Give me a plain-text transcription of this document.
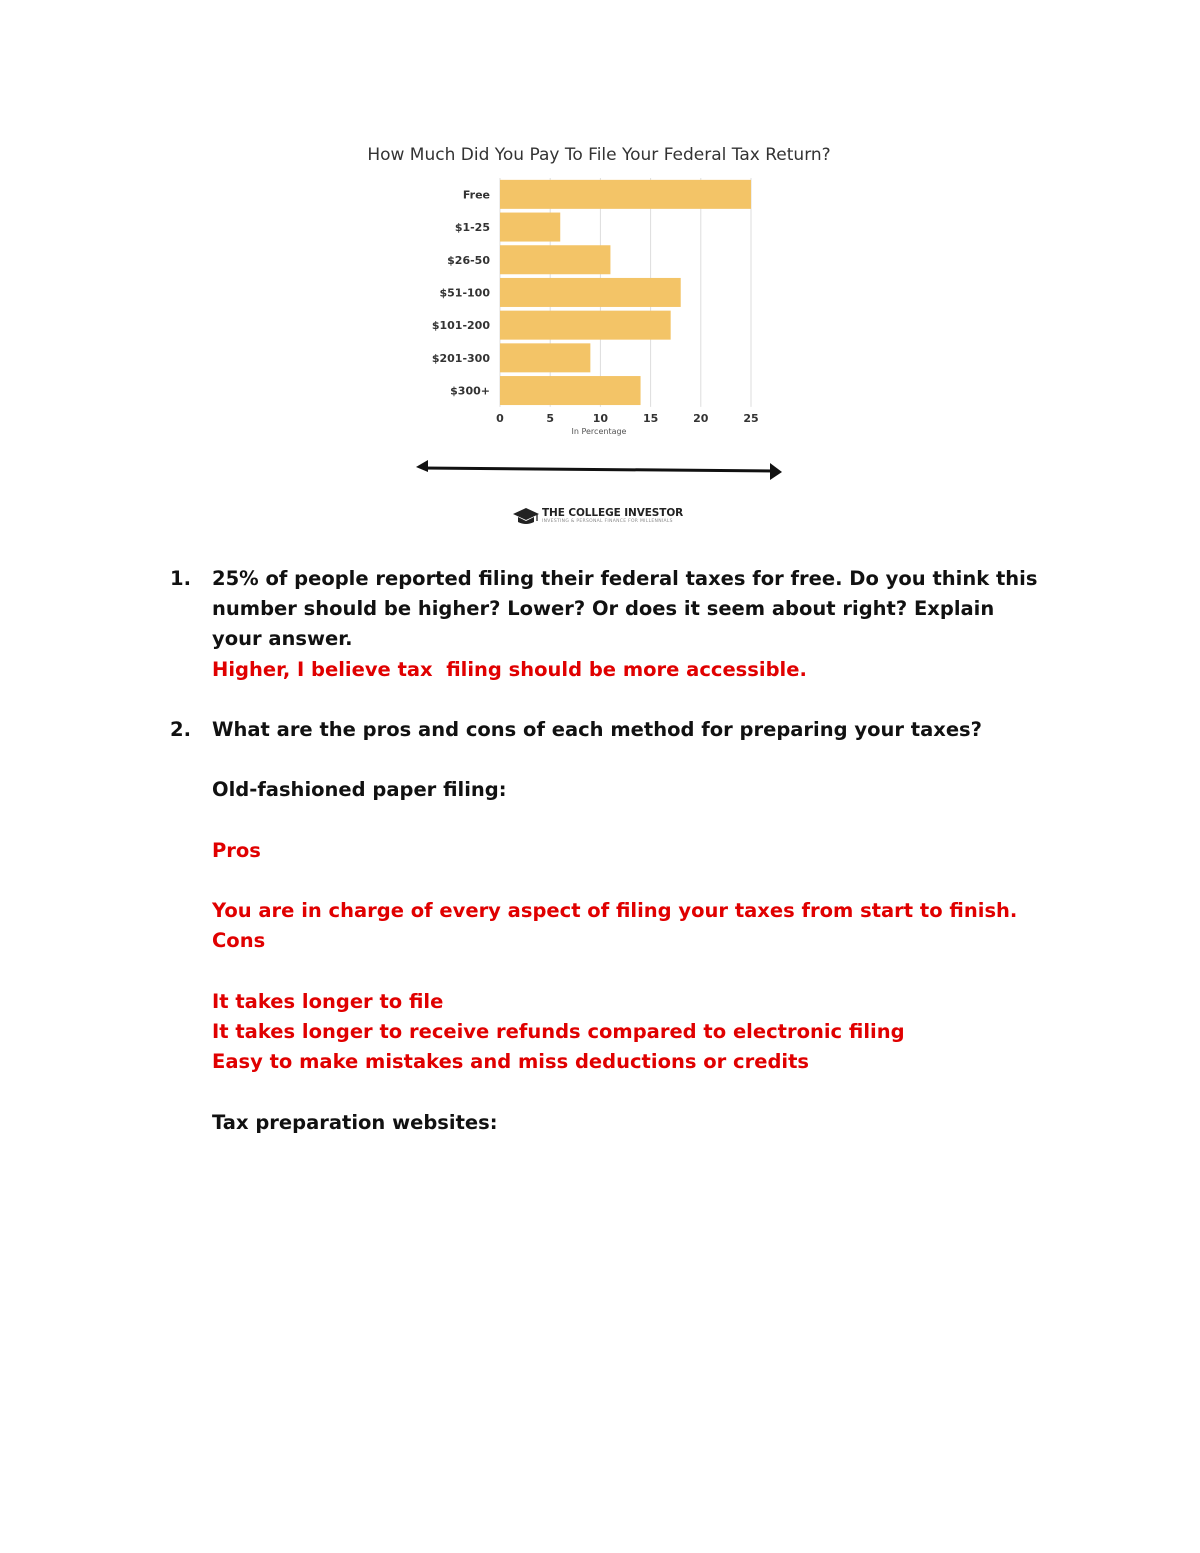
How Much Did You Pay To File Your Federal Tax Return?
Free
$1-25
$26-50
$51-100
$101-200
$201-300
$300+
0	5	10	15	20	25
In Percentage
THE COLLEGE INVESTOR
INVESTING & PERSONAL FINANCE FOR MILLENNIALS
1.	25% of people reported filing their federal taxes for free. Do you think this

number should be higher? Lower? Or does it seem about right? Explain

your answer.

Higher, I believe tax  filing should be more accessible.

2.	What are the pros and cons of each method for preparing your taxes?

Old-fashioned paper filing:

Pros

You are in charge of every aspect of filing your taxes from start to finish.

Cons

It takes longer to file

It takes longer to receive refunds compared to electronic filing

Easy to make mistakes and miss deductions or credits

Tax preparation websites:
